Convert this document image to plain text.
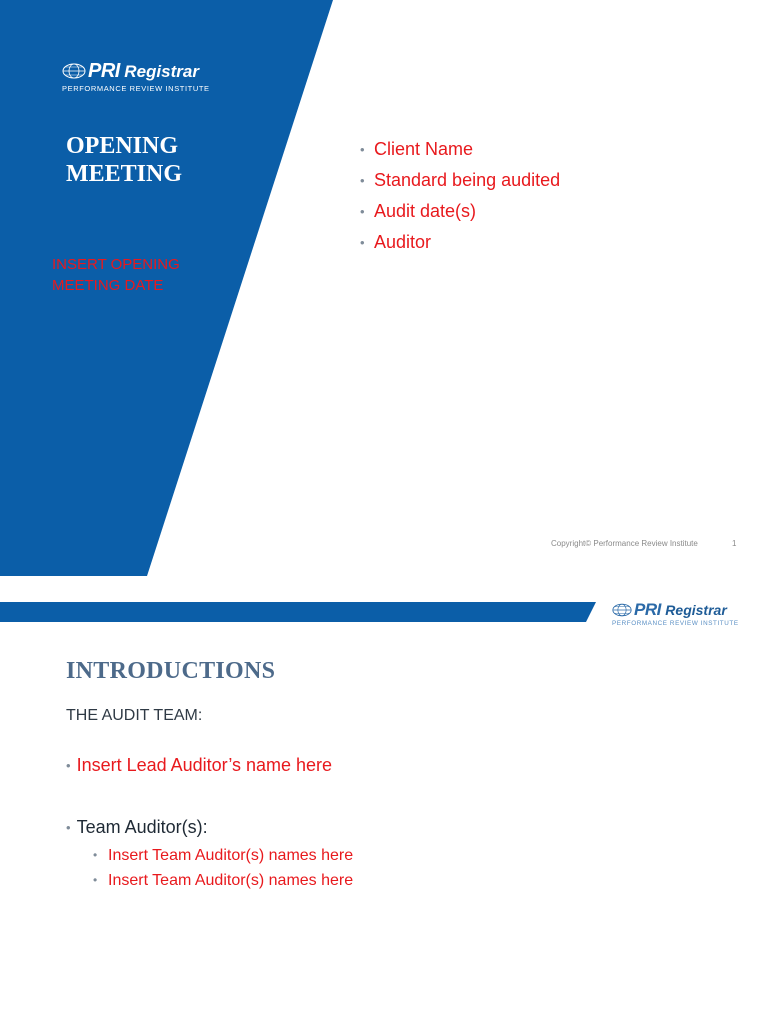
PRI Registrar
PERFORMANCE REVIEW INSTITUTE
OPENING
MEETING
INSERT OPENING
MEETING DATE
• Client Name
• Standard being audited
• Audit date(s)
• Auditor
Copyright© Performance Review Institute	1
PRI Registrar
PERFORMANCE REVIEW INSTITUTE
INTRODUCTIONS
THE AUDIT TEAM:
• Insert Lead Auditor’s name here
• Team Auditor(s):
• Insert Team Auditor(s) names here
• Insert Team Auditor(s) names here
